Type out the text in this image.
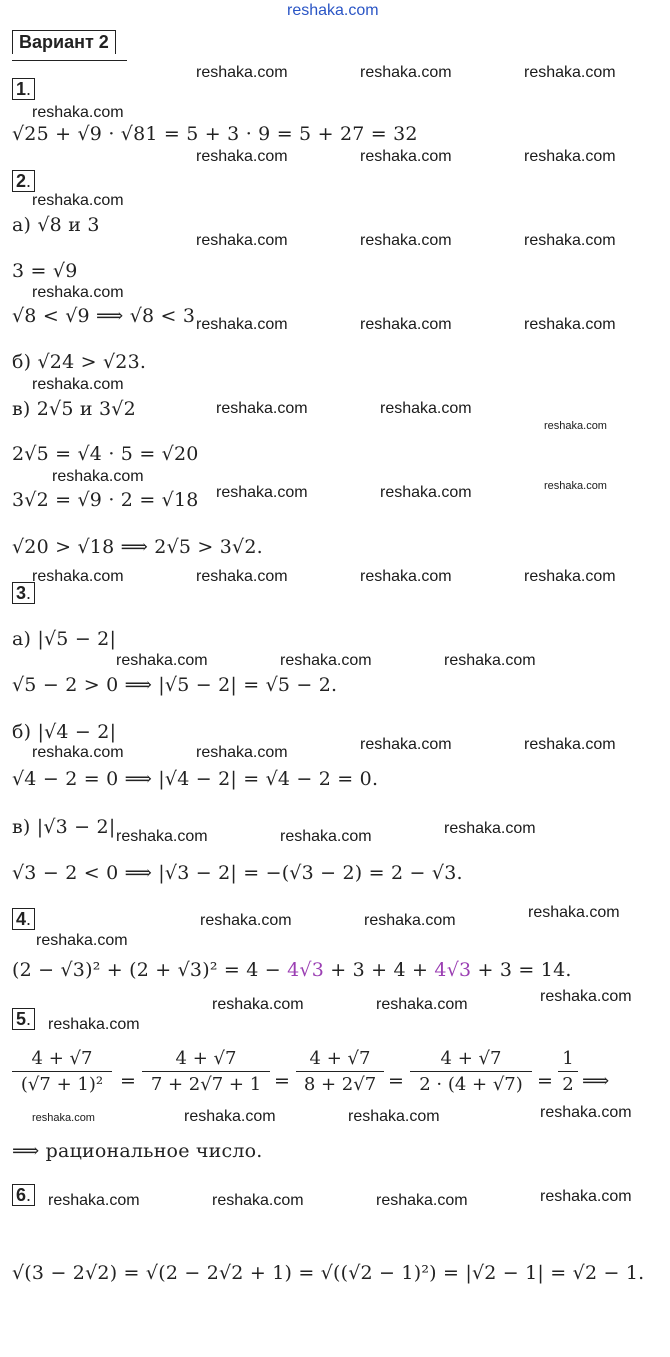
reshaka.com
Вариант 2
1.
√25 + √9 · √81 = 5 + 3 · 9 = 5 + 27 = 32
2.
а) √8 и 3
3 = √9
√8 < √9 ⟹ √8 < 3
б) √24 > √23.
в) 2√5 и 3√2
2√5 = √4 · 5 = √20
3√2 = √9 · 2 = √18
√20 > √18 ⟹ 2√5 > 3√2.
3.
а) |√5 − 2|
√5 − 2 > 0 ⟹ |√5 − 2| = √5 − 2.
б) |√4 − 2|
√4 − 2 = 0 ⟹ |√4 − 2| = √4 − 2 = 0.
в) |√3 − 2|
√3 − 2 < 0 ⟹ |√3 − 2| = −(√3 − 2) = 2 − √3.
4.
(2 − √3)² + (2 + √3)² = 4 − 4√3 + 3 + 4 + 4√3 + 3 = 14.
5.
4 + √7
(√7 + 1)² =
4 + √7
7 + 2√7 + 1 =
4 + √7
8 + 2√7 =
4 + √7
2 · (4 + √7) =
1
2 ⟹
⟹ рациональное число.
6.
√(3 − 2√2) = √(2 − 2√2 + 1) = √((√2 − 1)²) = |√2 − 1| = √2 − 1.
reshaka.com	reshaka.com	reshaka.com
reshaka.com
reshaka.com	reshaka.com	reshaka.com
reshaka.com
reshaka.com	reshaka.com	reshaka.com
reshaka.com
reshaka.com	reshaka.com	reshaka.com
reshaka.com
reshaka.com	reshaka.com
reshaka.com
reshaka.com
reshaka.com	reshaka.com	reshaka.com
reshaka.com	reshaka.com	reshaka.com	reshaka.com
reshaka.com	reshaka.com	reshaka.com
reshaka.com	reshaka.com	reshaka.com	reshaka.com
reshaka.com	reshaka.com	reshaka.com
reshaka.com	reshaka.com	reshaka.com
reshaka.com
reshaka.com	reshaka.com	reshaka.com
reshaka.com
reshaka.com	reshaka.com	reshaka.com	reshaka.com
reshaka.com	reshaka.com	reshaka.com	reshaka.com
